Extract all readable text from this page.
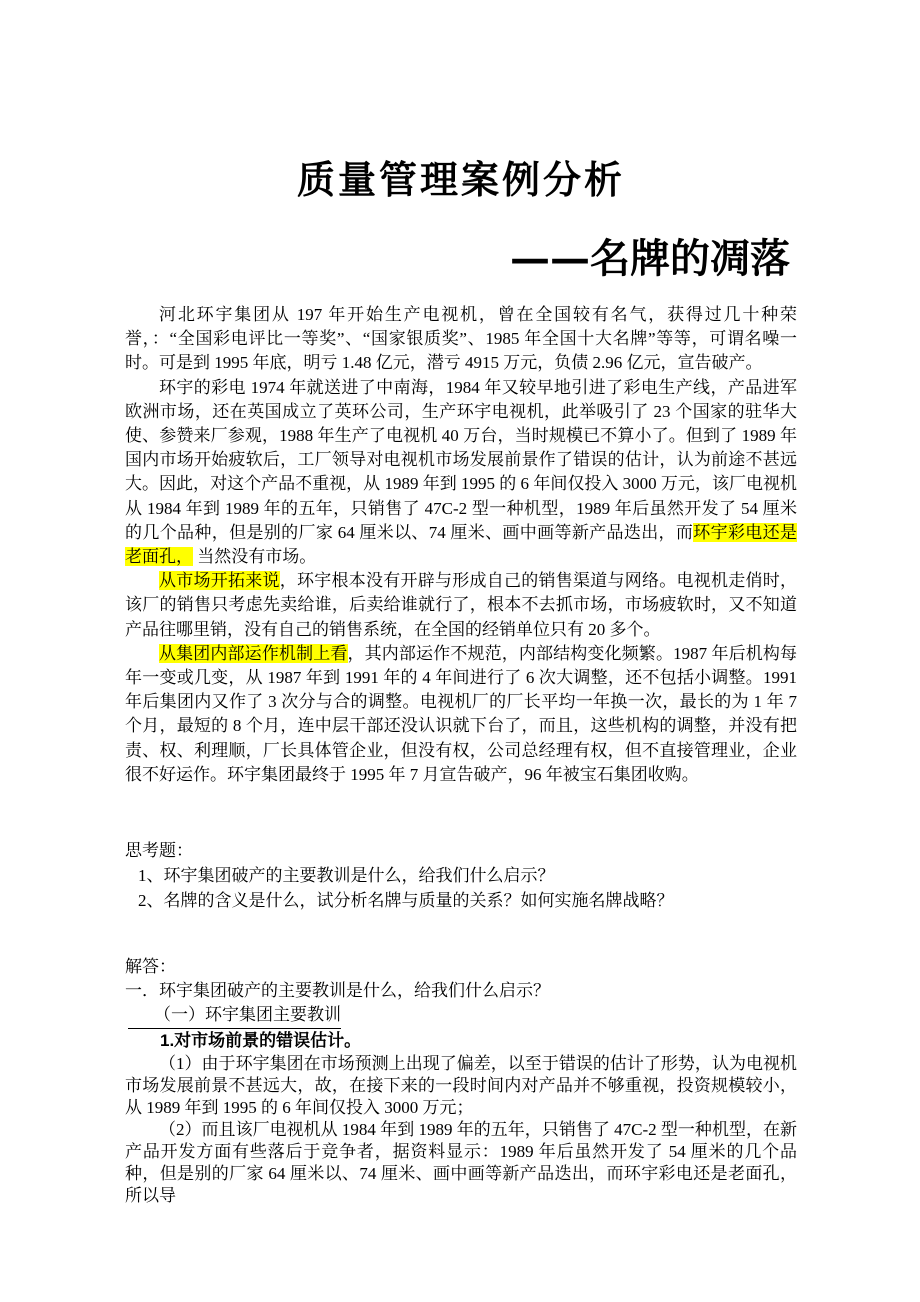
质量管理案例分析
——名牌的凋落

河北环宇集团从 197 年开始生产电视机，曾在全国较有名气，获得过几十种荣誉，：“全国彩电评比一等奖”、“国家银质奖”、1985 年全国十大名牌”等等，可谓名噪一时。可是到 1995 年底，明亏 1.48 亿元，潜亏 4915 万元，负债 2.96 亿元，宣告破产。

环宇的彩电 1974 年就送进了中南海，1984 年又较早地引进了彩电生产线，产品进军欧洲市场，还在英国成立了英环公司，生产环宇电视机，此举吸引了 23 个国家的驻华大使、参赞来厂参观，1988 年生产了电视机 40 万台，当时规模已不算小了。但到了 1989 年国内市场开始疲软后，工厂领导对电视机市场发展前景作了错误的估计，认为前途不甚远大。因此，对这个产品不重视，从 1989 年到 1995 的 6 年间仅投入 3000 万元，该厂电视机从 1984 年到 1989 年的五年，只销售了 47C-2 型一种机型，1989 年后虽然开发了 54 厘米的几个品种，但是别的厂家 64 厘米以、74 厘米、画中画等新产品迭出，而环宇彩电还是老面孔， 当然没有市场。

从市场开拓来说，环宇根本没有开辟与形成自己的销售渠道与网络。电视机走俏时，该厂的销售只考虑先卖给谁，后卖给谁就行了，根本不去抓市场，市场疲软时，又不知道产品往哪里销，没有自己的销售系统，在全国的经销单位只有 20 多个。

从集团内部运作机制上看，其内部运作不规范，内部结构变化频繁。1987 年后机构每年一变或几变，从 1987 年到 1991 年的 4 年间进行了 6 次大调整，还不包括小调整。1991 年后集团内又作了 3 次分与合的调整。电视机厂的厂长平均一年换一次，最长的为 1 年 7 个月，最短的 8 个月，连中层干部还没认识就下台了，而且，这些机构的调整，并没有把责、权、利理顺，厂长具体管企业，但没有权，公司总经理有权，但不直接管理业，企业很不好运作。环宇集团最终于 1995 年 7 月宣告破产，96 年被宝石集团收购。

思考题：
1、环宇集团破产的主要教训是什么，给我们什么启示？
2、名牌的含义是什么，试分析名牌与质量的关系？如何实施名牌战略？
解答：
一．环宇集团破产的主要教训是什么，给我们什么启示？
（一）环宇集团主要教训
1.对市场前景的错误估计。

（1）由于环宇集团在市场预测上出现了偏差，以至于错误的估计了形势，认为电视机市场发展前景不甚远大，故，在接下来的一段时间内对产品并不够重视，投资规模较小，从 1989 年到 1995 的 6 年间仅投入 3000 万元；

（2）而且该厂电视机从 1984 年到 1989 年的五年，只销售了 47C-2 型一种机型，在新产品开发方面有些落后于竞争者，据资料显示：1989 年后虽然开发了 54 厘米的几个品种，但是别的厂家 64 厘米以、74 厘米、画中画等新产品迭出，而环宇彩电还是老面孔，所以导
